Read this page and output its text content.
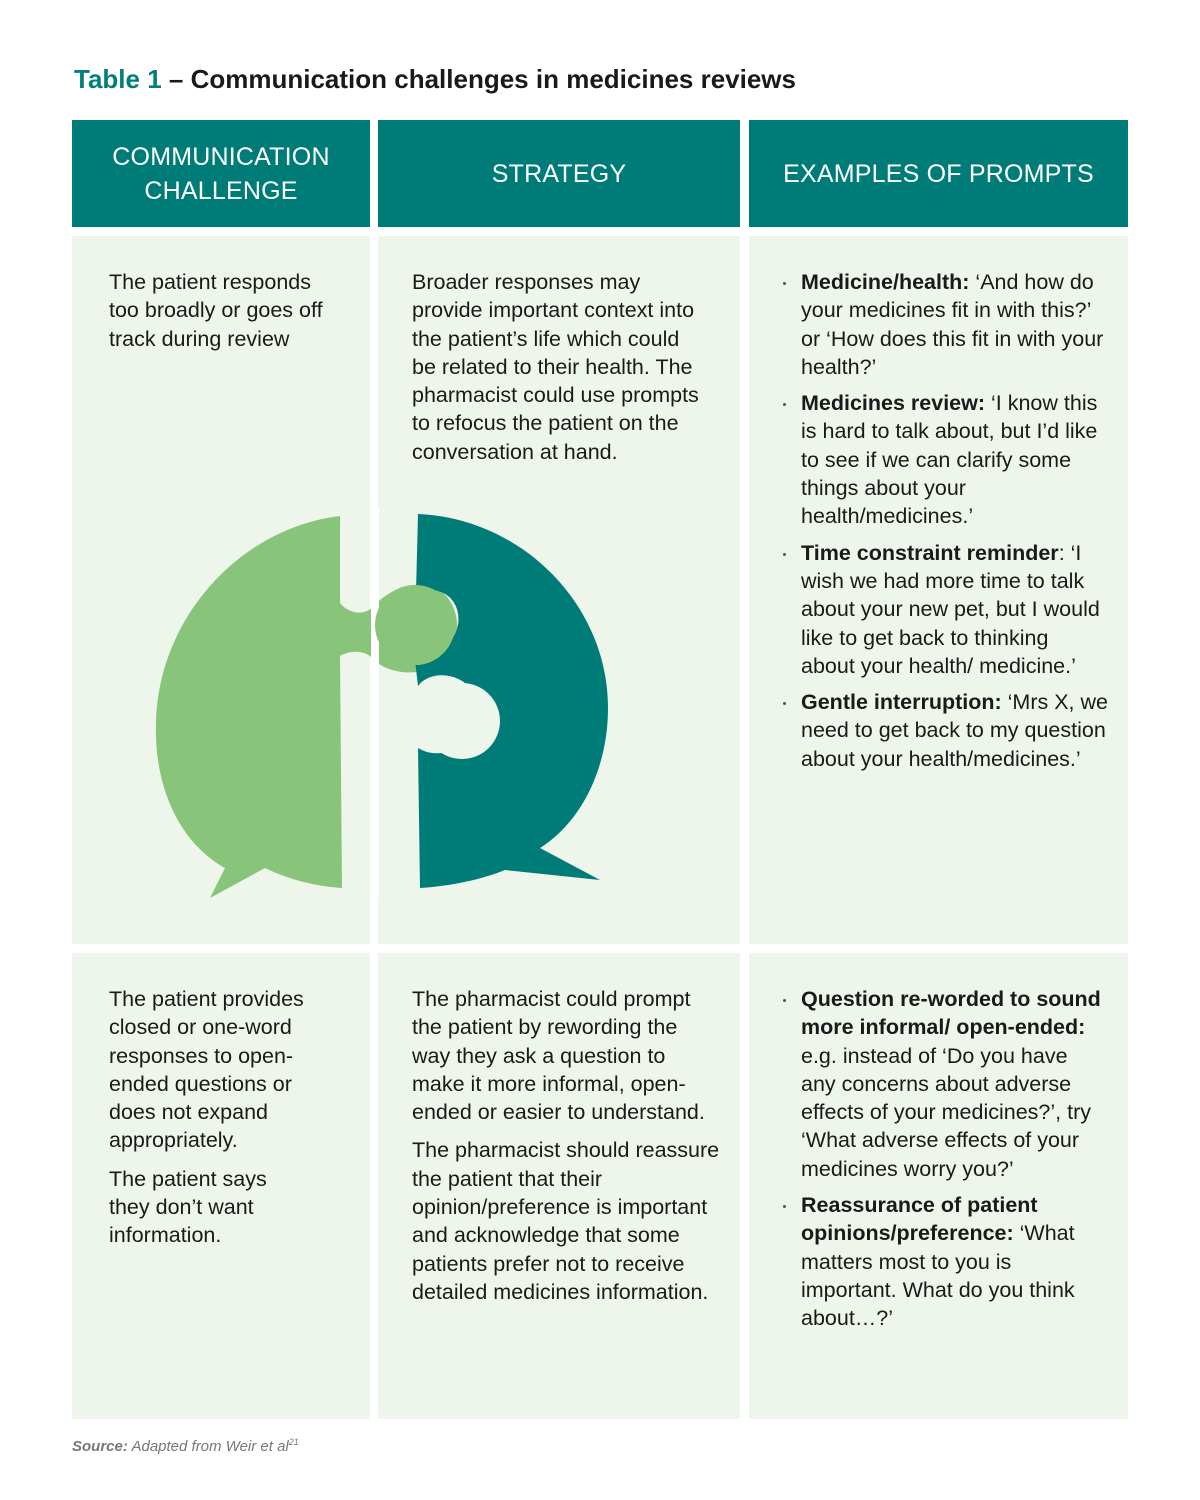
Table 1 – Communication challenges in medicines reviews
COMMUNICATION
CHALLENGE
STRATEGY	EXAMPLES OF PROMPTS

The patient responds too broadly or goes off track during review

Broader responses may provide important context into the patient’s life which could be related to their health. The pharmacist could use prompts to refocus the patient on the conversation at hand.

Medicine/health: ‘And how do your medicines fit in with this?’ or ‘How does this fit in with your health?’
Medicines review: ‘I know this is hard to talk about, but I’d like to see if we can clarify some things about your health/medicines.’
Time constraint reminder: ‘I wish we had more time to talk about your new pet, but I would like to get back to thinking about your health/ medicine.’
Gentle interruption: ‘Mrs X, we need to get back to my question about your health/medicines.’

The patient provides closed or one-word responses to open-ended questions or does not expand appropriately.

The patient says they don’t want information.

The pharmacist could prompt the patient by rewording the way they ask a question to make it more informal, open-ended or easier to understand.

The pharmacist should reassure the patient that their opinion/preference is important and acknowledge that some patients prefer not to receive detailed medicines information.

Question re-worded to sound more informal/ open-ended: e.g. instead of ‘Do you have any concerns about adverse effects of your medicines?’, try ‘What adverse effects of your medicines worry you?’
Reassurance of patient opinions/preference: ‘What matters most to you is important. What do you think about…?’
Source: Adapted from Weir et $al^{21}$
